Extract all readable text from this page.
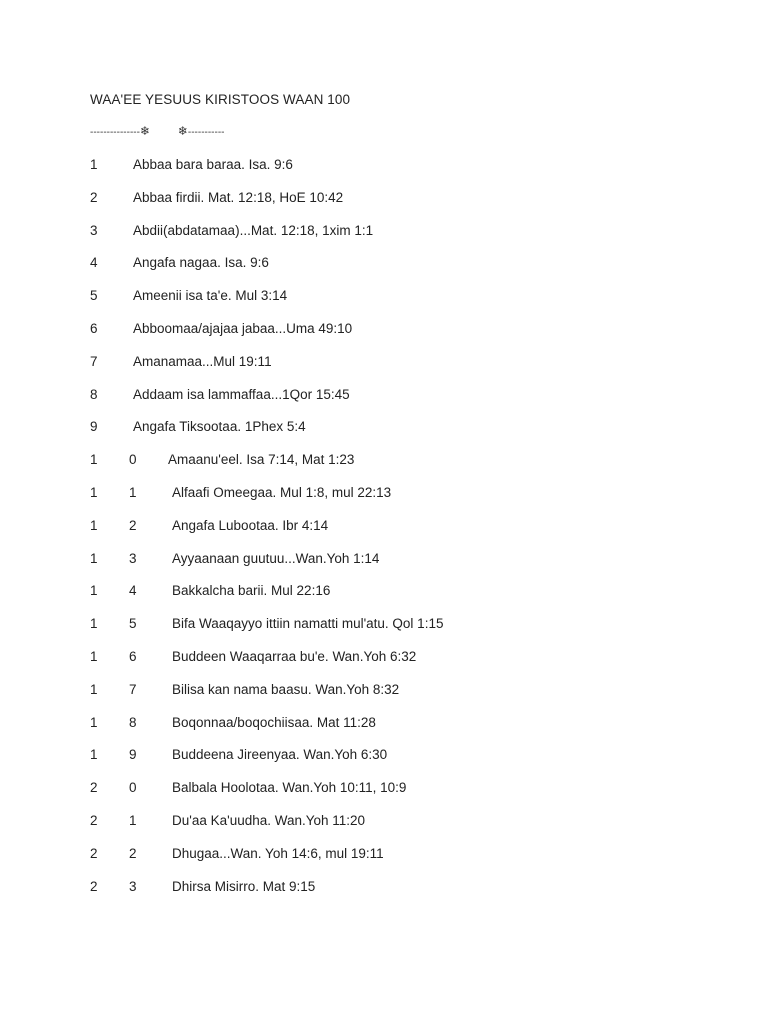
WAA'EE YESUUS KIRISTOOS WAAN 100
---------------❄ ❄-----------
1	Abbaa bara baraa. Isa. 9:6
2	Abbaa firdii. Mat. 12:18, HoE 10:42
3	Abdii(abdatamaa)...Mat. 12:18, 1xim 1:1
4	Angafa nagaa. Isa. 9:6
5	Ameenii isa ta'e. Mul 3:14
6	Abboomaa/ajajaa jabaa...Uma 49:10
7	Amanamaa...Mul 19:11
8	Addaam isa lammaffaa...1Qor 15:45
9	Angafa Tiksootaa. 1Phex 5:4
1 0 Amaanu'eel. Isa 7:14, Mat 1:23
1 1	Alfaafi Omeegaa. Mul 1:8, mul 22:13
1 2	Angafa Lubootaa. Ibr 4:14
1 3	Ayyaanaan guutuu...Wan.Yoh 1:14
1 4	Bakkalcha barii. Mul 22:16
1 5	Bifa Waaqayyo ittiin namatti mul'atu. Qol 1:15
1 6	Buddeen Waaqarraa bu'e. Wan.Yoh 6:32
1 7	Bilisa kan nama baasu. Wan.Yoh 8:32
1 8	Boqonnaa/boqochiisaa. Mat 11:28
1 9	Buddeena Jireenyaa. Wan.Yoh 6:30
2 0	Balbala Hoolotaa. Wan.Yoh 10:11, 10:9
2 1	Du'aa Ka'uudha. Wan.Yoh 11:20
2 2	Dhugaa...Wan. Yoh 14:6, mul 19:11
2 3	Dhirsa Misirro. Mat 9:15
